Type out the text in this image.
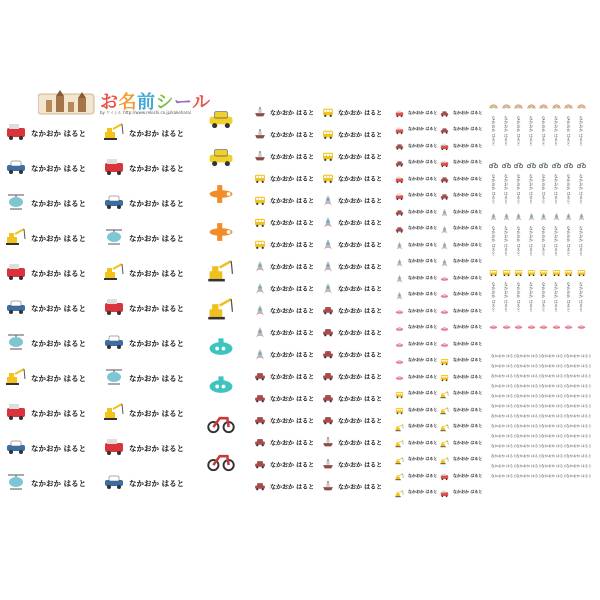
お名前シール
by ケイシル http://www.rekishi.co.jp/kakehara/
なかおか はると	なかおか はると
なかおか はると	なかおか はると
なかおか はると	なかおか はると
なかおか はると	なかおか はると
なかおか はると	なかおか はると
なかおか はると	なかおか はると
なかおか はると	なかおか はると
なかおか はると	なかおか はると
なかおか はると	なかおか はると
なかおか はると	なかおか はると
なかおか はると	なかおか はると
なかおか はると	なかおか はると
なかおか はると	なかおか はると
なかおか はると	なかおか はると
なかおか はると	なかおか はると
なかおか はると	なかおか はると
なかおか はると	なかおか はると
なかおか はると	なかおか はると
なかおか はると	なかおか はると
なかおか はると	なかおか はると
なかおか はると	なかおか はると
なかおか はると	なかおか はると
なかおか はると	なかおか はると
なかおか はると	なかおか はると
なかおか はると	なかおか はると
なかおか はると	なかおか はると
なかおか はると	なかおか はると
なかおか はると	なかおか はると
なかおか はると	なかおか はると
なかおか はると	なかおか はると
なかおか はると	なかおか はると
なかおか はると	なかおか はると
なかおか はると	なかおか はると
なかおか はると	なかおか はると
なかおか はると	なかおか はると
なかおか はると	なかおか はると
なかおか はると	なかおか はると
なかおか はると	なかおか はると
なかおか はると	なかおか はると
なかおか はると	なかおか はると
なかおか はると	なかおか はると
なかおか はると	なかおか はると
なかおか はると	なかおか はると
なかおか はると	なかおか はると
なかおか はると	なかおか はると
なかおか はると	なかおか はると
なかおか はると	なかおか はると
なかおか はると	なかおか はると
なかおか はると	なかおか はると
なかおか はると	なかおか はると
なかおか はると	なかおか はると
なかおか はると	なかおか はると
なかおか はると	なかおか はると
なかおか はると なかおか はると なかおか はると なかおか はると なかおか はると なかおか はると なかおか はると なかおか はると
なかおか はると なかおか はると なかおか はると なかおか はると なかおか はると なかおか はると なかおか はると なかおか はると
なかおか はると なかおか はると なかおか はると なかおか はると なかおか はると なかおか はると なかおか はると なかおか はると
なかおか はると なかおか はると なかおか はると なかおか はると なかおか はると なかおか はると なかおか はると なかおか はると
なかおか はると なかおか はると なかおか はると なかおか はると
なかおか はると なかおか はると なかおか はると なかおか はると
なかおか はると なかおか はると なかおか はると なかおか はると
なかおか はると なかおか はると なかおか はると なかおか はると
なかおか はると なかおか はると なかおか はると なかおか はると
なかおか はると なかおか はると なかおか はると なかおか はると
なかおか はると なかおか はると なかおか はると なかおか はると
なかおか はると なかおか はると なかおか はると なかおか はると
なかおか はると なかおか はると なかおか はると なかおか はると
なかおか はると なかおか はると なかおか はると なかおか はると
なかおか はると なかおか はると なかおか はると なかおか はると
なかおか はると なかおか はると なかおか はると なかおか はると
なかおか はると なかおか はると なかおか はると なかおか はると
